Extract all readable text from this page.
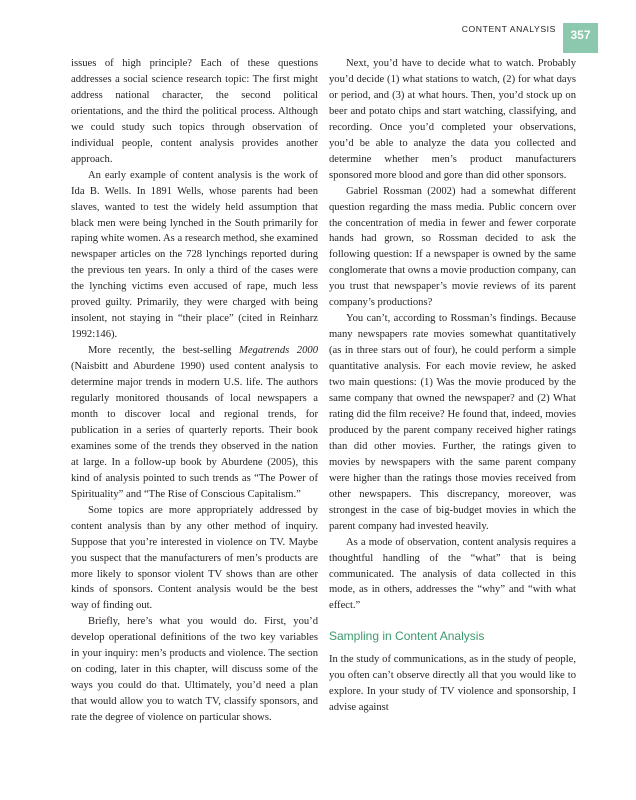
CONTENT ANALYSIS	357

issues of high principle? Each of these questions addresses a social science research topic: The first might address national character, the second political orientations, and the third the political process. Although we could study such topics through observation of individual people, content analysis provides another approach.

An early example of content analysis is the work of Ida B. Wells. In 1891 Wells, whose parents had been slaves, wanted to test the widely held assumption that black men were being lynched in the South primarily for raping white women. As a research method, she examined newspaper articles on the 728 lynchings reported during the previous ten years. In only a third of the cases were the lynching victims even accused of rape, much less proved guilty. Primarily, they were charged with being insolent, not staying in “their place” (cited in Reinharz 1992:146).

More recently, the best-selling Megatrends 2000 (Naisbitt and Aburdene 1990) used content analysis to determine major trends in modern U.S. life. The authors regularly monitored thousands of local newspapers a month to discover local and regional trends, for publication in a series of quarterly reports. Their book examines some of the trends they observed in the nation at large. In a follow-up book by Aburdene (2005), this kind of analysis pointed to such trends as “The Power of Spirituality” and “The Rise of Conscious Capitalism.”

Some topics are more appropriately addressed by content analysis than by any other method of inquiry. Suppose that you’re interested in violence on TV. Maybe you suspect that the manufacturers of men’s products are more likely to sponsor violent TV shows than are other kinds of sponsors. Content analysis would be the best way of finding out.

Briefly, here’s what you would do. First, you’d develop operational definitions of the two key variables in your inquiry: men’s products and violence. The section on coding, later in this chapter, will discuss some of the ways you could do that. Ultimately, you’d need a plan that would allow you to watch TV, classify sponsors, and rate the degree of violence on particular shows.

Next, you’d have to decide what to watch. Probably you’d decide (1) what stations to watch, (2) for what days or period, and (3) at what hours. Then, you’d stock up on beer and potato chips and start watching, classifying, and recording. Once you’d completed your observations, you’d be able to analyze the data you collected and determine whether men’s product manufacturers sponsored more blood and gore than did other sponsors.

Gabriel Rossman (2002) had a somewhat different question regarding the mass media. Public concern over the concentration of media in fewer and fewer corporate hands had grown, so Rossman decided to ask the following question: If a newspaper is owned by the same conglomerate that owns a movie production company, can you trust that newspaper’s movie reviews of its parent company’s productions?

You can’t, according to Rossman’s findings. Because many newspapers rate movies somewhat quantitatively (as in three stars out of four), he could perform a simple quantitative analysis. For each movie review, he asked two main questions: (1) Was the movie produced by the same company that owned the newspaper? and (2) What rating did the film receive? He found that, indeed, movies produced by the parent company received higher ratings than did other movies. Further, the ratings given to movies by newspapers with the same parent company were higher than the ratings those movies received from other newspapers. This discrepancy, moreover, was strongest in the case of big-budget movies in which the parent company had invested heavily.

As a mode of observation, content analysis requires a thoughtful handling of the “what” that is being communicated. The analysis of data collected in this mode, as in others, addresses the “why” and “with what effect.”

Sampling in Content Analysis

In the study of communications, as in the study of people, you often can’t observe directly all that you would like to explore. In your study of TV violence and sponsorship, I advise against
